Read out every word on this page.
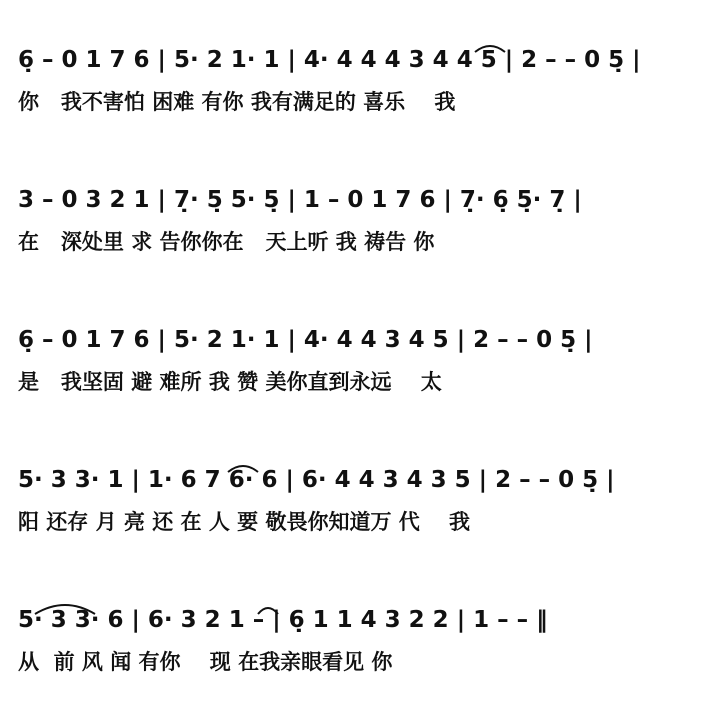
6̣ – 0 1 7 6 | 5· 2 1· 1 | 4· 4 4 4 3 4 4 5 | 2 – – 0 5̣ |
你   我不害怕 困难 有你 我有满足的 喜乐    我
3 – 0 3 2 1 | 7̣· 5̣ 5· 5̣ | 1 – 0 1 7 6 | 7̣· 6̣ 5̣· 7̣ |
在   深处里 求 告你你在   天上听 我 祷告 你
6̣ – 0 1 7 6 | 5· 2 1· 1 | 4· 4 4 3 4 5 | 2 – – 0 5̣ |
是   我坚固 避 难所 我 赞 美你直到永远    太
5· 3 3· 1 | 1· 6 7 6· 6 | 6· 4 4 3 4 3 5 | 2 – – 0 5̣ |
阳 还存 月 亮 还 在 人 要 敬畏你知道万 代    我
5· 3 3· 6 | 6· 3 2 1 – | 6̣ 1 1 4 3 2 2 | 1 – – ‖
从  前 风 闻 有你    现 在我亲眼看见 你
